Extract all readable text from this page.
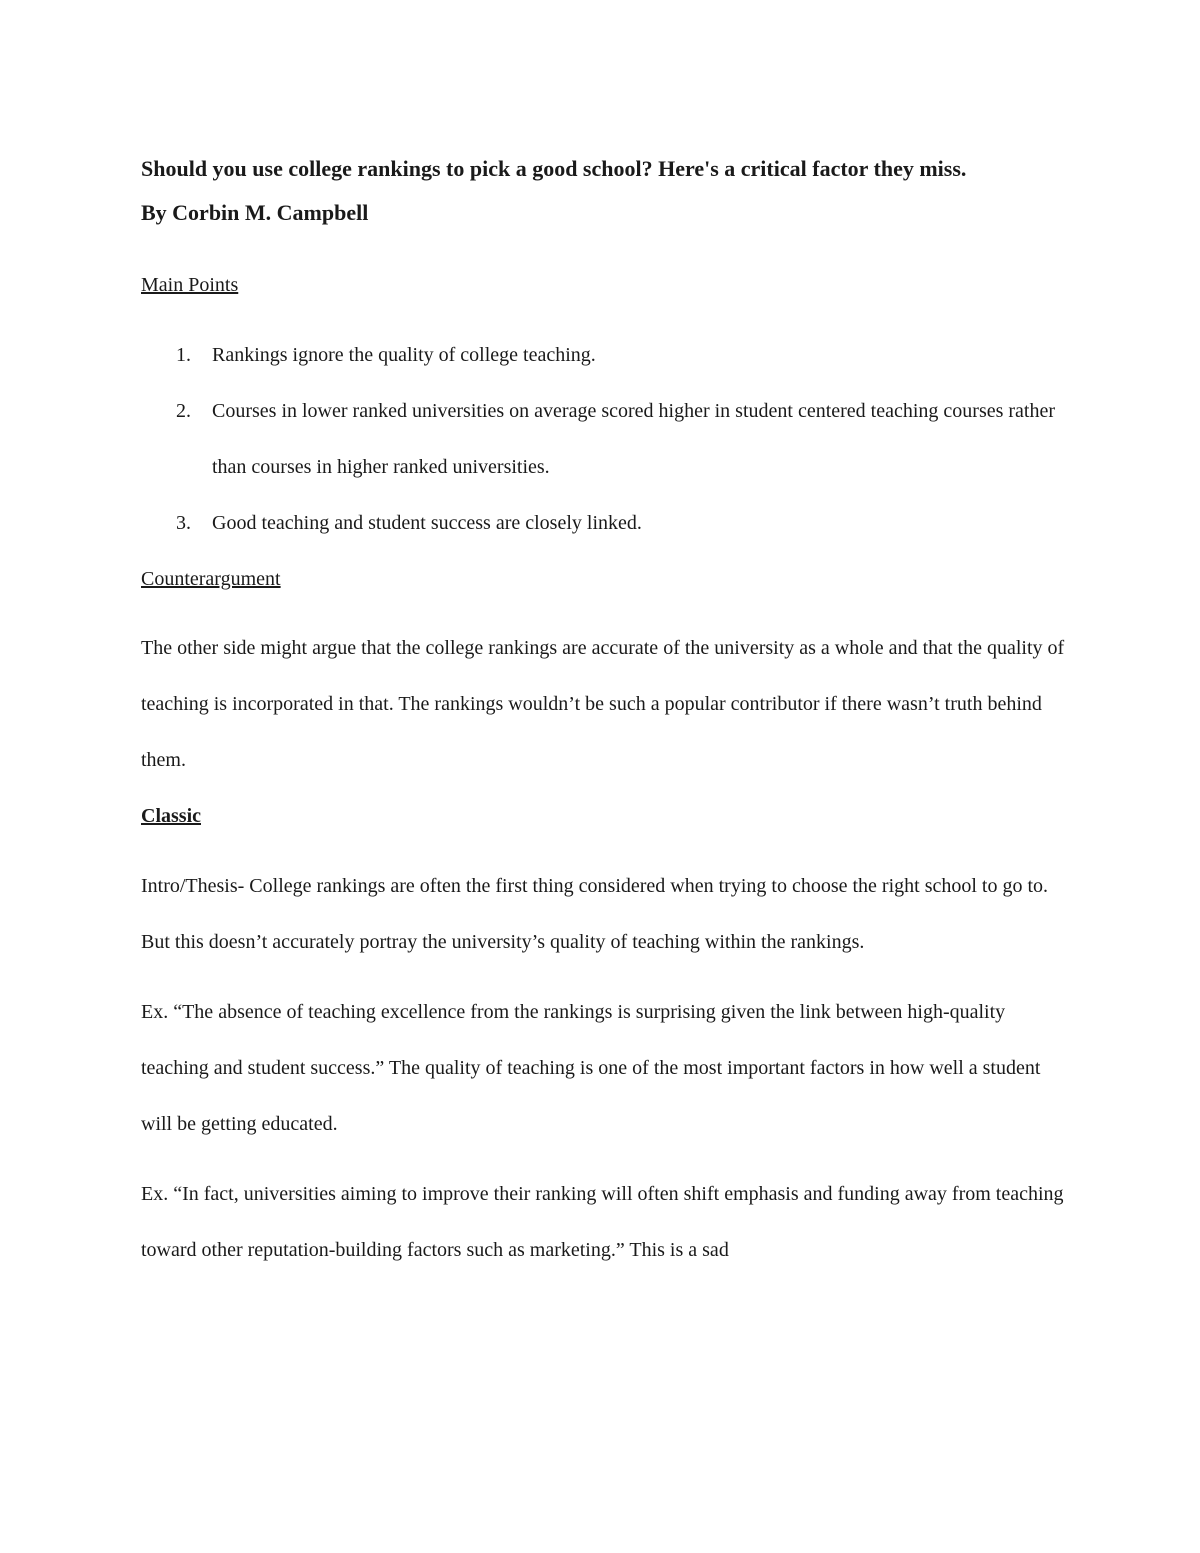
Should you use college rankings to pick a good school? Here's a critical factor they miss.

By Corbin M. Campbell

Main Points

1. Rankings ignore the quality of college teaching.
2. Courses in lower ranked universities on average scored higher in student centered teaching courses rather than courses in higher ranked universities.
3. Good teaching and student success are closely linked.

Counterargument

The other side might argue that the college rankings are accurate of the university as a whole and that the quality of teaching is incorporated in that. The rankings wouldn’t be such a popular contributor if there wasn’t truth behind them.

Classic

Intro/Thesis- College rankings are often the first thing considered when trying to choose the right school to go to. But this doesn’t accurately portray the university’s quality of teaching within the rankings.

Ex. “The absence of teaching excellence from the rankings is surprising given the link between high-quality teaching and student success.” The quality of teaching is one of the most important factors in how well a student will be getting educated.

Ex. “In fact, universities aiming to improve their ranking will often shift emphasis and funding away from teaching toward other reputation-building factors such as marketing.” This is a sad
